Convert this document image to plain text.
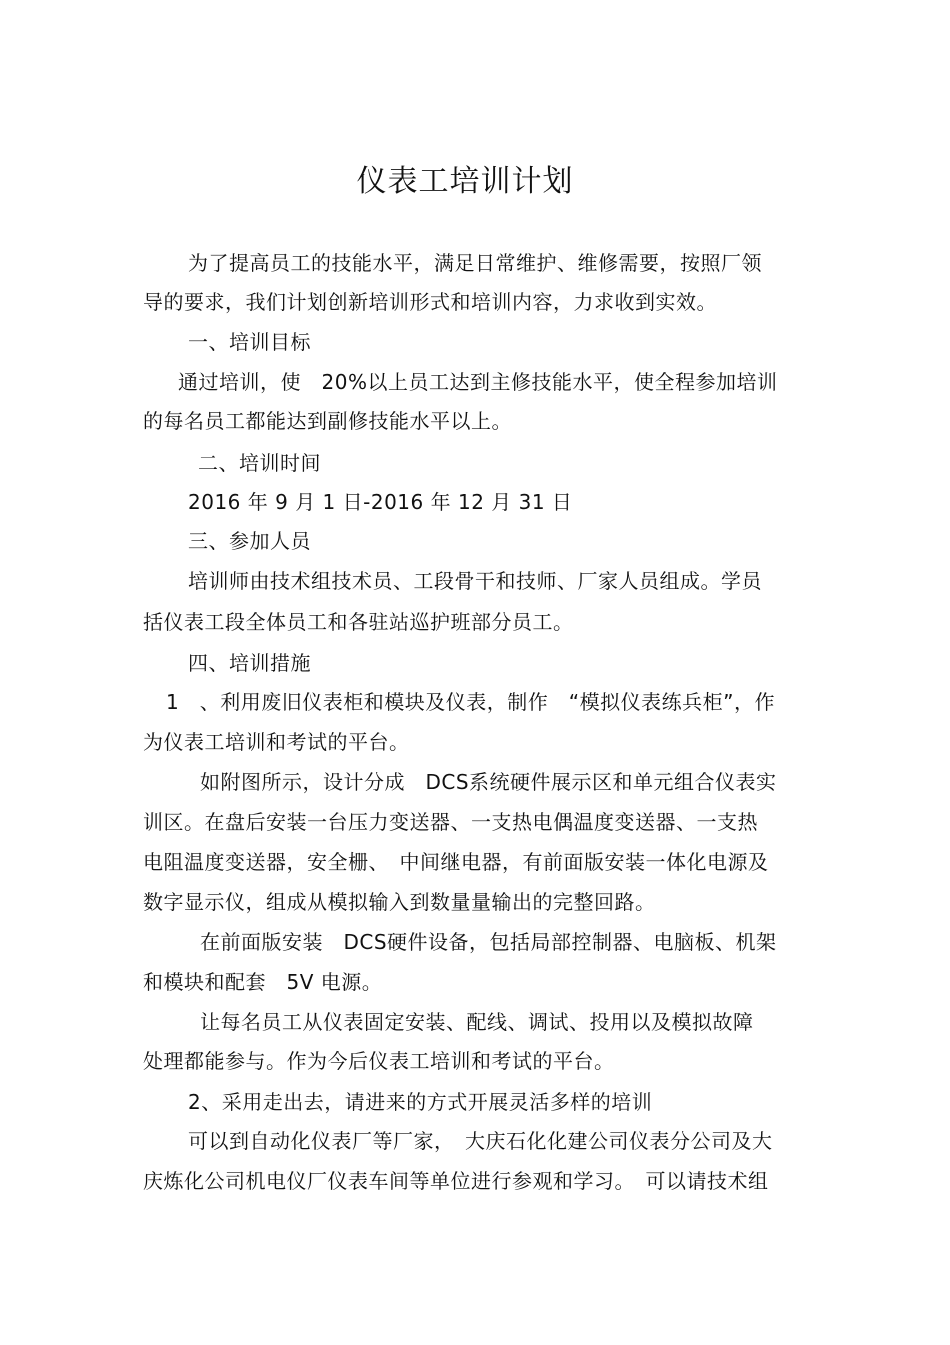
仪表工培训计划
为了提高员工的技能水平，满足日常维护、维修需要，按照厂领
导的要求，我们计划创新培训形式和培训内容，力求收到实效。
一、培训目标
通过培训，使　20%以上员工达到主修技能水平，使全程参加培训
的每名员工都能达到副修技能水平以上。
二、培训时间
2016 年 9 月 1 日-2016 年 12 月 31 日
三、参加人员
培训师由技术组技术员、工段骨干和技师、厂家人员组成。学员
括仪表工段全体员工和各驻站巡护班部分员工。
四、培训措施
1　、利用废旧仪表柜和模块及仪表，制作　“模拟仪表练兵柜”，作
为仪表工培训和考试的平台。
如附图所示，设计分成　DCS系统硬件展示区和单元组合仪表实
训区。在盘后安装一台压力变送器、一支热电偶温度变送器、一支热
电阻温度变送器，安全栅、　中间继电器，有前面版安装一体化电源及
数字显示仪，组成从模拟输入到数量量输出的完整回路。
在前面版安装　DCS硬件设备，包括局部控制器、电脑板、机架
和模块和配套　5V 电源。
让每名员工从仪表固定安装、配线、调试、投用以及模拟故障
处理都能参与。作为今后仪表工培训和考试的平台。
2、采用走出去，请进来的方式开展灵活多样的培训
可以到自动化仪表厂等厂家，　大庆石化化建公司仪表分公司及大
庆炼化公司机电仪厂仪表车间等单位进行参观和学习。　可以请技术组
